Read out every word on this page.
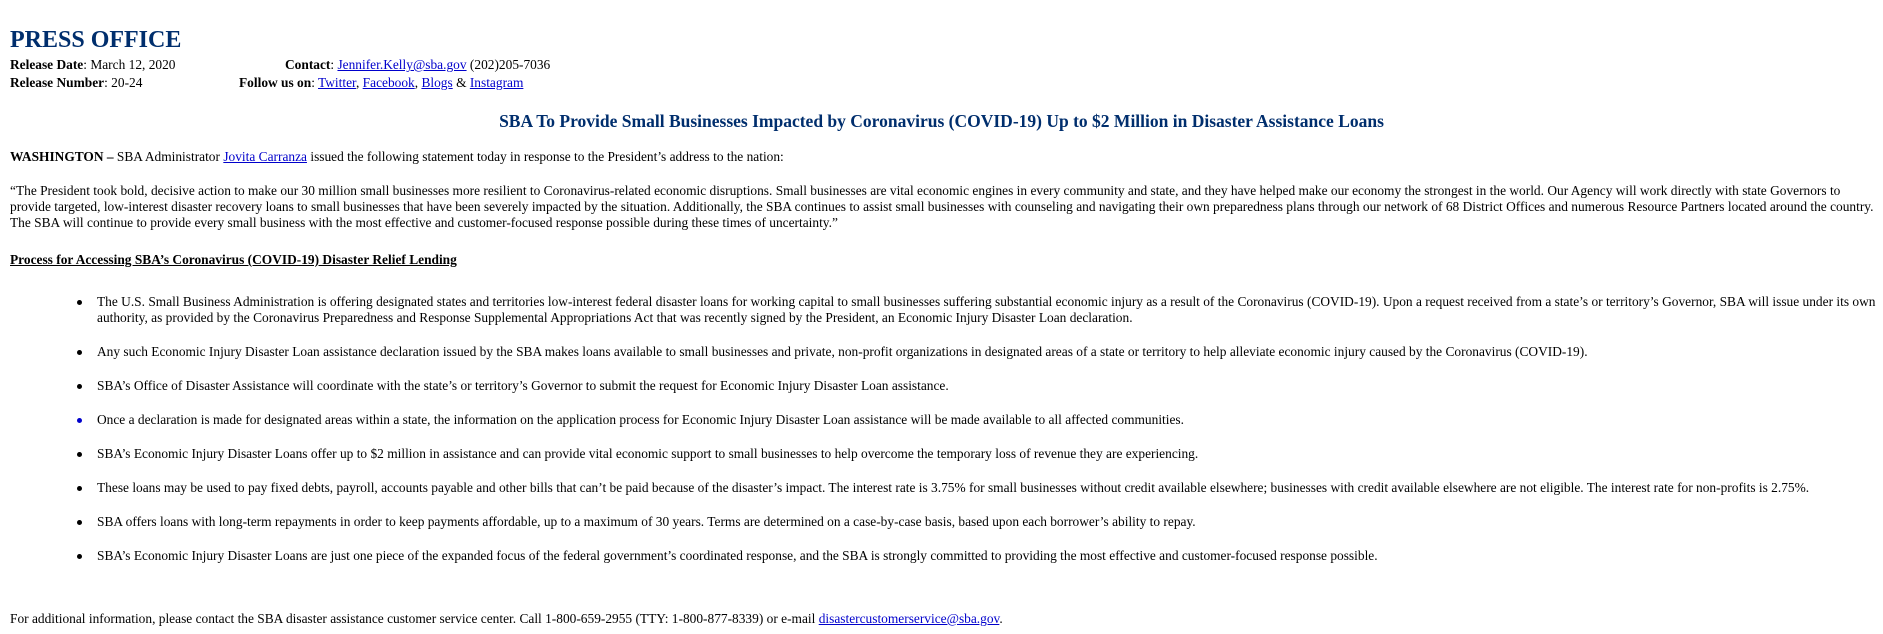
PRESS OFFICE
Release Date: March 12, 2020
Release Number: 20-24
Contact: Jennifer.Kelly@sba.gov (202)205-7036
Follow us on: Twitter, Facebook, Blogs & Instagram
SBA To Provide Small Businesses Impacted by Coronavirus (COVID-19) Up to $2 Million in Disaster Assistance Loans

WASHINGTON – SBA Administrator Jovita Carranza issued the following statement today in response to the President’s address to the nation:

“The President took bold, decisive action to make our 30 million small businesses more resilient to Coronavirus-related economic disruptions. Small businesses are vital economic engines in every community and state, and they have helped make our economy the strongest in the world. Our Agency will work directly with state Governors to provide targeted, low-interest disaster recovery loans to small businesses that have been severely impacted by the situation. Additionally, the SBA continues to assist small businesses with counseling and navigating their own preparedness plans through our network of 68 District Offices and numerous Resource Partners located around the country. The SBA will continue to provide every small business with the most effective and customer-focused response possible during these times of uncertainty.”

Process for Accessing SBA’s Coronavirus (COVID-19) Disaster Relief Lending

The U.S. Small Business Administration is offering designated states and territories low-interest federal disaster loans for working capital to small businesses suffering substantial economic injury as a result of the Coronavirus (COVID-19). Upon a request received from a state’s or territory’s Governor, SBA will issue under its own authority, as provided by the Coronavirus Preparedness and Response Supplemental Appropriations Act that was recently signed by the President, an Economic Injury Disaster Loan declaration.
Any such Economic Injury Disaster Loan assistance declaration issued by the SBA makes loans available to small businesses and private, non-profit organizations in designated areas of a state or territory to help alleviate economic injury caused by the Coronavirus (COVID-19).
SBA’s Office of Disaster Assistance will coordinate with the state’s or territory’s Governor to submit the request for Economic Injury Disaster Loan assistance.
Once a declaration is made for designated areas within a state, the information on the application process for Economic Injury Disaster Loan assistance will be made available to all affected communities.
SBA’s Economic Injury Disaster Loans offer up to $2 million in assistance and can provide vital economic support to small businesses to help overcome the temporary loss of revenue they are experiencing.
These loans may be used to pay fixed debts, payroll, accounts payable and other bills that can’t be paid because of the disaster’s impact. The interest rate is 3.75% for small businesses without credit available elsewhere; businesses with credit available elsewhere are not eligible. The interest rate for non-profits is 2.75%.
SBA offers loans with long-term repayments in order to keep payments affordable, up to a maximum of 30 years. Terms are determined on a case-by-case basis, based upon each borrower’s ability to repay.
SBA’s Economic Injury Disaster Loans are just one piece of the expanded focus of the federal government’s coordinated response, and the SBA is strongly committed to providing the most effective and customer-focused response possible.

For additional information, please contact the SBA disaster assistance customer service center. Call 1-800-659-2955 (TTY: 1-800-877-8339) or e-mail disastercustomerservice@sba.gov.
